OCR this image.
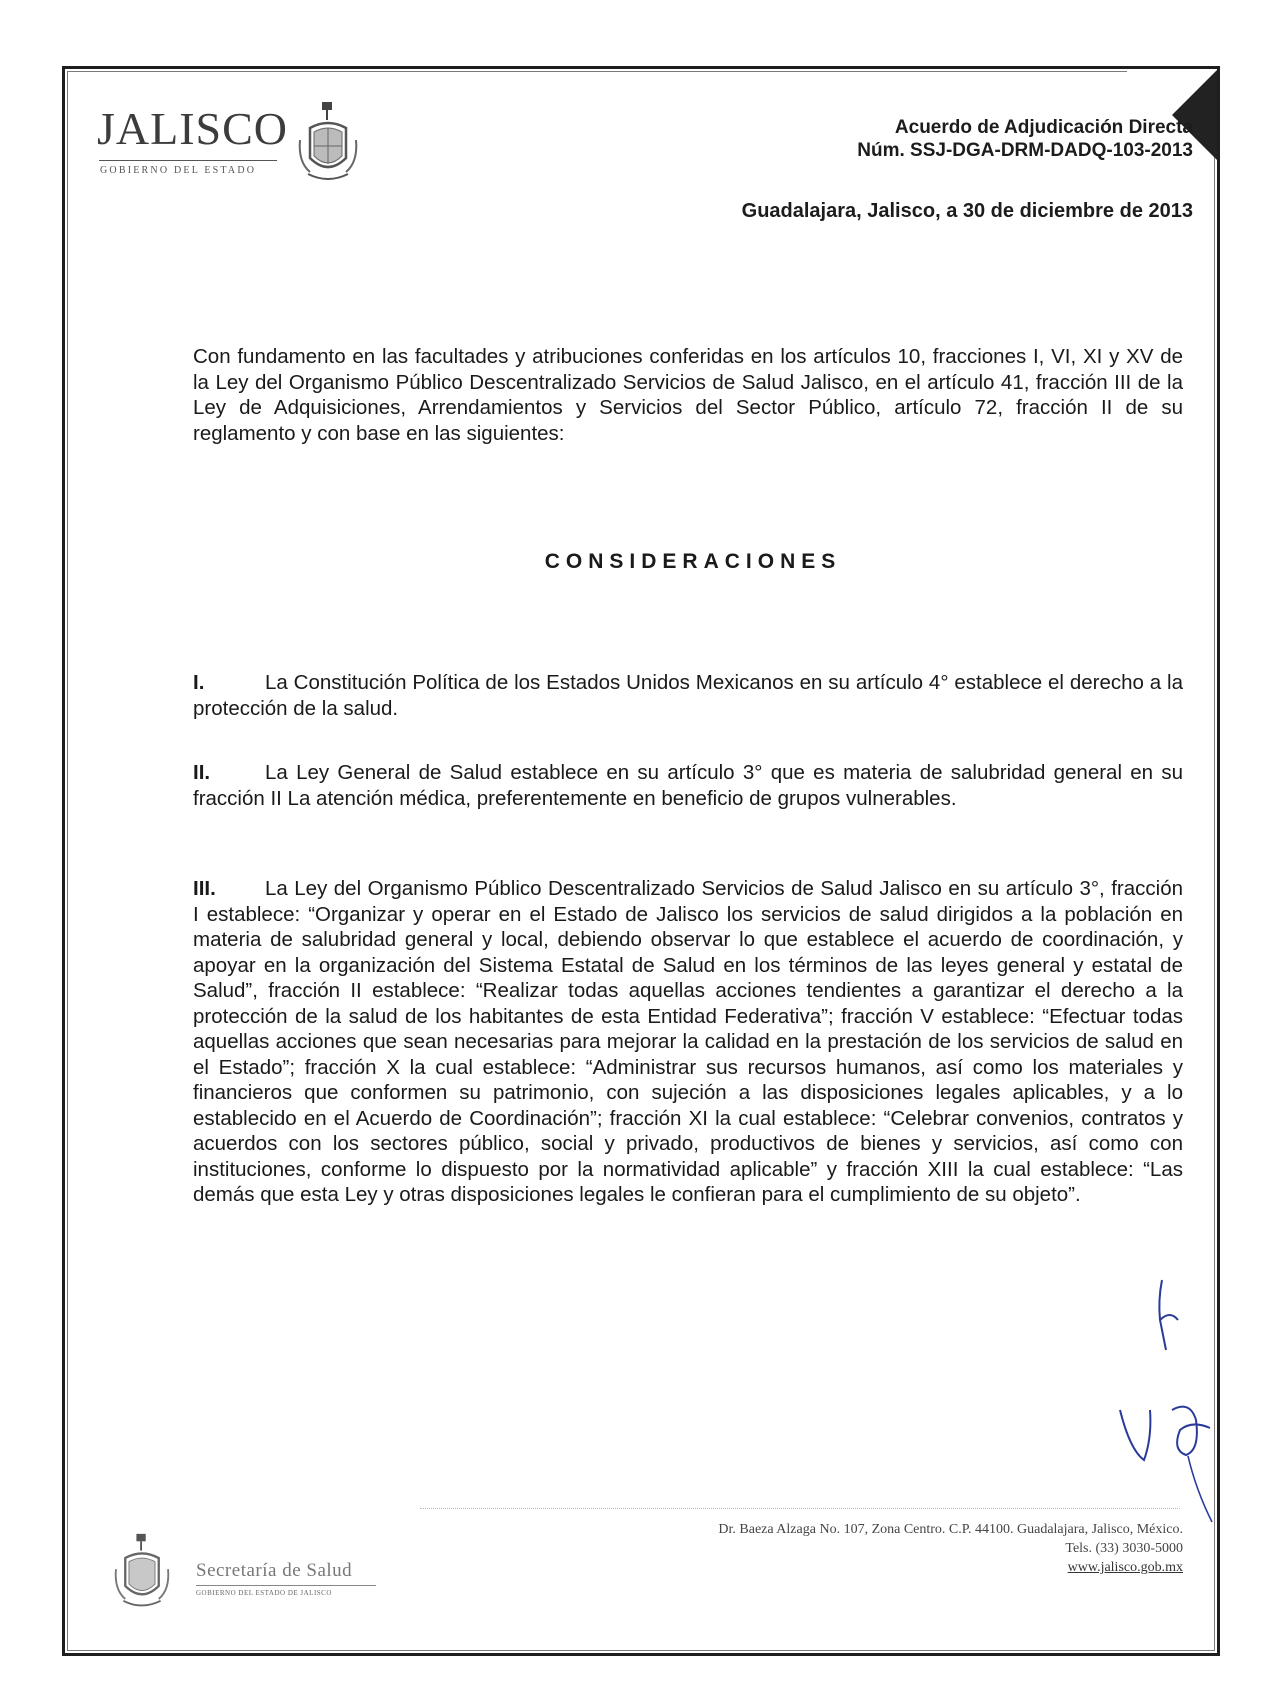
JALISCO
GOBIERNO DEL ESTADO
Acuerdo de Adjudicación Directa
Núm. SSJ-DGA-DRM-DADQ-103-2013
Guadalajara, Jalisco, a 30 de diciembre de 2013
Con fundamento en las facultades y atribuciones conferidas en los artículos 10, fracciones I, VI, XI y XV de la Ley del Organismo Público Descentralizado Servicios de Salud Jalisco, en el artículo 41, fracción III de la Ley de Adquisiciones, Arrendamientos y Servicios del Sector Público, artículo 72, fracción II de su reglamento y con base en las siguientes:
CONSIDERACIONES
I.	La Constitución Política de los Estados Unidos Mexicanos en su artículo 4° establece el derecho a la protección de la salud.
II.	La Ley General de Salud establece en su artículo 3° que es materia de salubridad general en su fracción II La atención médica, preferentemente en beneficio de grupos vulnerables.
III. La Ley del Organismo Público Descentralizado Servicios de Salud Jalisco en su artículo 3°, fracción I establece: “Organizar y operar en el Estado de Jalisco los servicios de salud dirigidos a la población en materia de salubridad general y local, debiendo observar lo que establece el acuerdo de coordinación, y apoyar en la organización del Sistema Estatal de Salud en los términos de las leyes general y estatal de Salud”, fracción II establece: “Realizar todas aquellas acciones tendientes a garantizar el derecho a la protección de la salud de los habitantes de esta Entidad Federativa”; fracción V establece: “Efectuar todas aquellas acciones que sean necesarias para mejorar la calidad en la prestación de los servicios de salud en el Estado”; fracción X la cual establece: “Administrar sus recursos humanos, así como los materiales y financieros que conformen su patrimonio, con sujeción a las disposiciones legales aplicables, y a lo establecido en el Acuerdo de Coordinación”; fracción XI la cual establece: “Celebrar convenios, contratos y acuerdos con los sectores público, social y privado, productivos de bienes y servicios, así como con instituciones, conforme lo dispuesto por la normatividad aplicable” y fracción XIII la cual establece: “Las demás que esta Ley y otras disposiciones legales le confieran para el cumplimiento de su objeto”.
Dr. Baeza Alzaga No. 107, Zona Centro. C.P. 44100. Guadalajara, Jalisco, México.
Tels. (33) 3030-5000
www.jalisco.gob.mx
Secretaría de Salud
GOBIERNO DEL ESTADO DE JALISCO
